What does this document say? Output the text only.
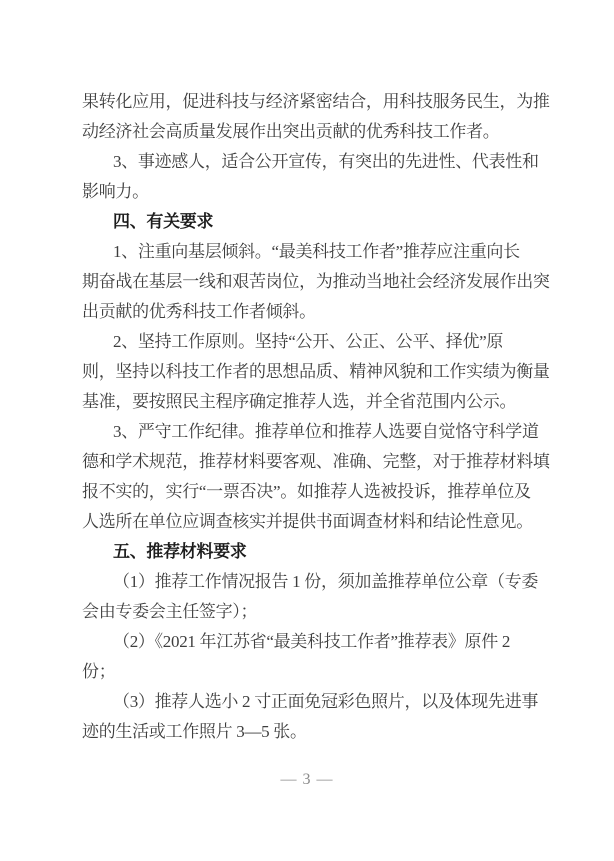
果转化应用，促进科技与经济紧密结合，用科技服务民生，为推
动经济社会高质量发展作出突出贡献的优秀科技工作者。
3、事迹感人，适合公开宣传，有突出的先进性、代表性和
影响力。
四、有关要求
1、注重向基层倾斜。“最美科技工作者”推荐应注重向长
期奋战在基层一线和艰苦岗位，为推动当地社会经济发展作出突
出贡献的优秀科技工作者倾斜。
2、坚持工作原则。坚持“公开、公正、公平、择优”原
则，坚持以科技工作者的思想品质、精神风貌和工作实绩为衡量
基准，要按照民主程序确定推荐人选，并全省范围内公示。
3、严守工作纪律。推荐单位和推荐人选要自觉恪守科学道
德和学术规范，推荐材料要客观、准确、完整，对于推荐材料填
报不实的，实行“一票否决”。如推荐人选被投诉，推荐单位及
人选所在单位应调查核实并提供书面调查材料和结论性意见。
五、推荐材料要求
（1）推荐工作情况报告 1 份，须加盖推荐单位公章（专委
会由专委会主任签字）；
（2）《2021 年江苏省“最美科技工作者”推荐表》原件 2
份；
（3）推荐人选小 2 寸正面免冠彩色照片，以及体现先进事
迹的生活或工作照片 3—5 张。
— 3 —
